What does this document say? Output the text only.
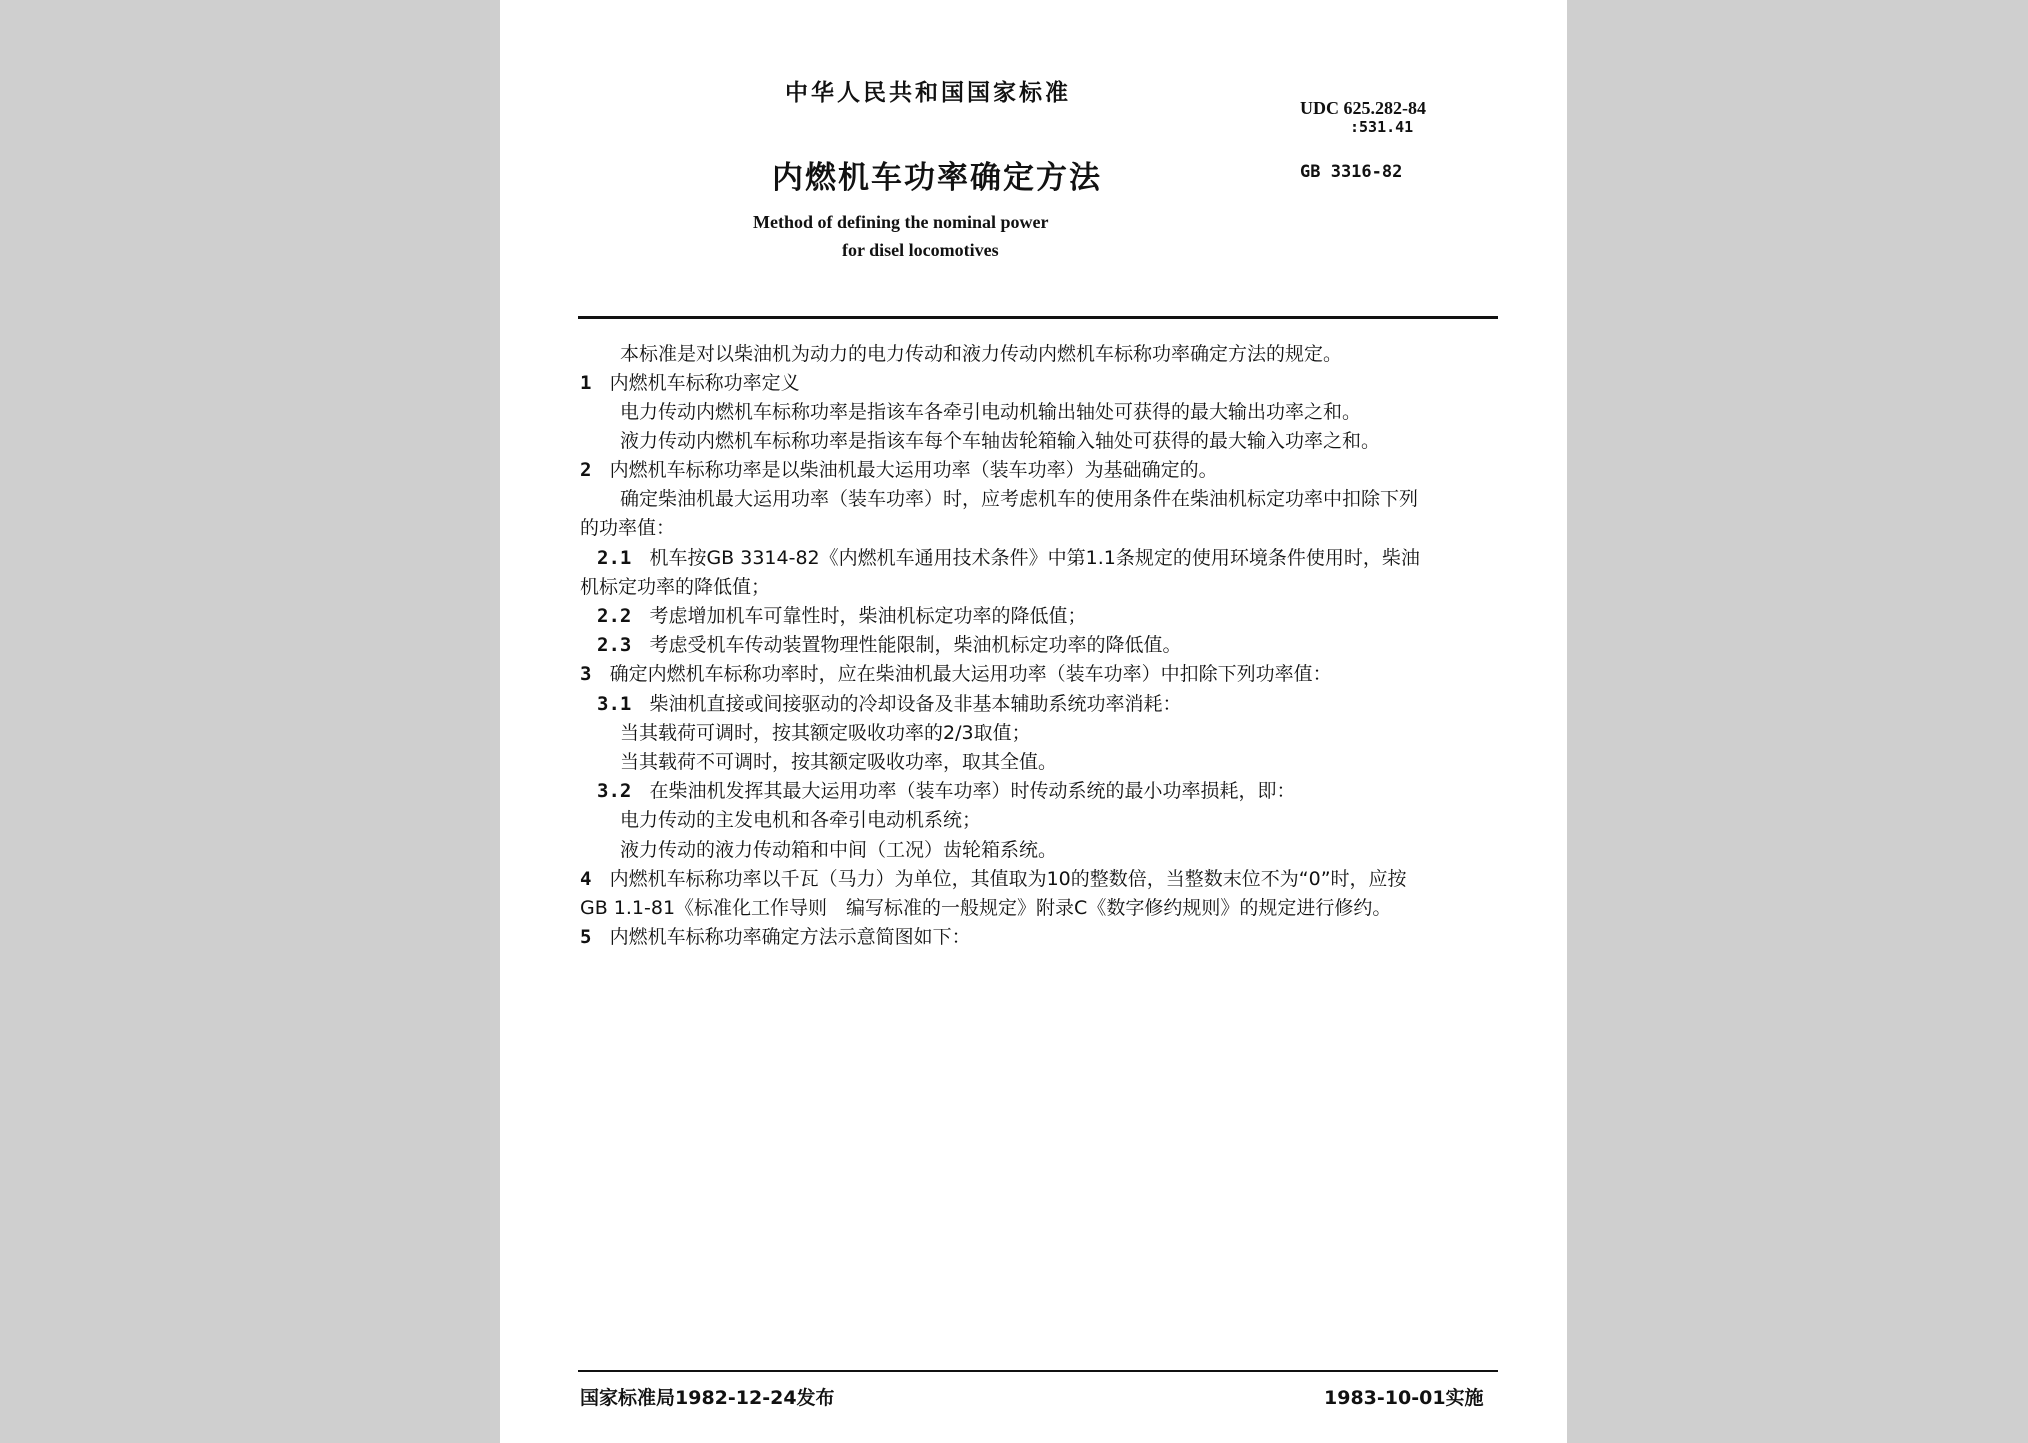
中华人民共和国国家标准
UDC 625.282-84
:531.41
内燃机车功率确定方法	GB 3316-82
Method of defining the nominal power
for disel locomotives
本标准是对以柴油机为动力的电力传动和液力传动内燃机车标称功率确定方法的规定。
1 内燃机车标称功率定义
电力传动内燃机车标称功率是指该车各牵引电动机输出轴处可获得的最大输出功率之和。
液力传动内燃机车标称功率是指该车每个车轴齿轮箱输入轴处可获得的最大输入功率之和。
2 内燃机车标称功率是以柴油机最大运用功率（装车功率）为基础确定的。
确定柴油机最大运用功率（装车功率）时，应考虑机车的使用条件在柴油机标定功率中扣除下列
的功率值：
2.1 机车按GB 3314-82《内燃机车通用技术条件》中第1.1条规定的使用环境条件使用时，柴油
机标定功率的降低值；
2.2 考虑增加机车可靠性时，柴油机标定功率的降低值；
2.3 考虑受机车传动装置物理性能限制，柴油机标定功率的降低值。
3 确定内燃机车标称功率时，应在柴油机最大运用功率（装车功率）中扣除下列功率值：
3.1 柴油机直接或间接驱动的冷却设备及非基本辅助系统功率消耗：
当其载荷可调时，按其额定吸收功率的2/3取值；
当其载荷不可调时，按其额定吸收功率，取其全值。
3.2 在柴油机发挥其最大运用功率（装车功率）时传动系统的最小功率损耗，即：
电力传动的主发电机和各牵引电动机系统；
液力传动的液力传动箱和中间（工况）齿轮箱系统。
4 内燃机车标称功率以千瓦（马力）为单位，其值取为10的整数倍，当整数末位不为“0”时，应按
GB 1.1-81《标准化工作导则　编写标准的一般规定》附录C《数字修约规则》的规定进行修约。
5 内燃机车标称功率确定方法示意简图如下：
国家标准局1982-12-24发布	1983-10-01实施
